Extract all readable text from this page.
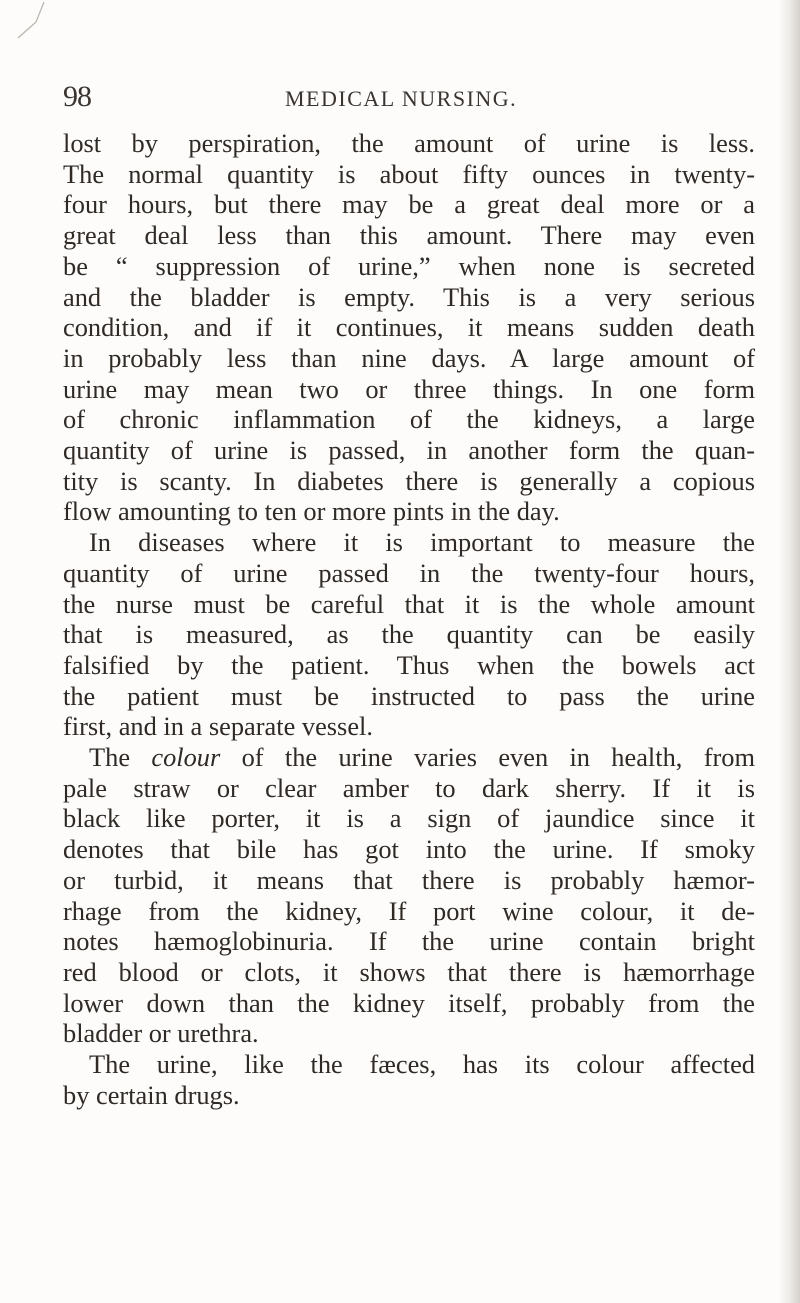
98	MEDICAL NURSING.
lost by perspiration, the amount of urine is less.
The normal quantity is about fifty ounces in twenty-
four hours, but there may be a great deal more or a
great deal less than this amount. There may even
be “ suppression of urine,” when none is secreted
and the bladder is empty. This is a very serious
condition, and if it continues, it means sudden death
in probably less than nine days. A large amount of
urine may mean two or three things. In one form
of chronic inflammation of the kidneys, a large
quantity of urine is passed, in another form the quan-
tity is scanty. In diabetes there is generally a copious
flow amounting to ten or more pints in the day.
In diseases where it is important to measure the
quantity of urine passed in the twenty-four hours,
the nurse must be careful that it is the whole amount
that is measured, as the quantity can be easily
falsified by the patient. Thus when the bowels act
the patient must be instructed to pass the urine
first, and in a separate vessel.
The colour of the urine varies even in health, from
pale straw or clear amber to dark sherry. If it is
black like porter, it is a sign of jaundice since it
denotes that bile has got into the urine. If smoky
or turbid, it means that there is probably hæmor-
rhage from the kidney, If port wine colour, it de-
notes hæmoglobinuria. If the urine contain bright
red blood or clots, it shows that there is hæmorrhage
lower down than the kidney itself, probably from the
bladder or urethra.
The urine, like the fæces, has its colour affected
by certain drugs.
